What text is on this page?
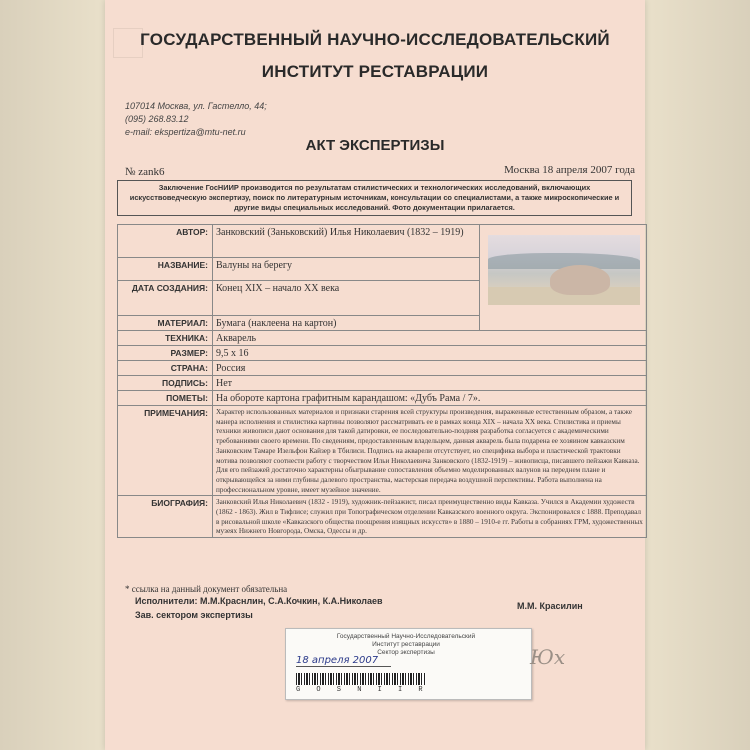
ГОСУДАРСТВЕННЫЙ НАУЧНО-ИССЛЕДОВАТЕЛЬСКИЙ
ИНСТИТУТ РЕСТАВРАЦИИ
107014 Москва, ул. Гастелло, 44;
(095) 268.83.12
e-mail: ekspertiza@mtu-net.ru
АКТ ЭКСПЕРТИЗЫ
№ zank6	Москва 18 апреля 2007 года
Заключение ГосНИИР производится по результатам стилистических и технологических исследований, включающих искусствоведческую экспертизу, поиск по литературным источникам, консультации со специалистами, а также микроскопические и другие виды специальных исследований. Фото документации прилагается.
АВТОР:	Занковский (Заньковский) Илья Николаевич (1832 – 1919)	

НАЗВАНИЕ:	Валуны на берегу	
ДАТА СОЗДАНИЯ:	Конец XIX – начало XX века	
МАТЕРИАЛ:	Бумага (наклеена на картон)	
ТЕХНИКА:	Акварель	
РАЗМЕР:	9,5 х 16	
СТРАНА:	Россия	
ПОДПИСЬ:	Нет	
ПОМЕТЫ:	На обороте картона графитным карандашом: «Дубъ Рама / 7».	
ПРИМЕЧАНИЯ:	Характер использованных материалов и признаки старения всей структуры произведения, выраженные естественным образом, а также манера исполнения и стилистика картины позволяют рассматривать ее в рамках конца XIX – начала XX века. Стилистика и приемы техники живописи дают основания для такой датировки, ее последовательно-поздняя разработка согласуется с академическими требованиями своего времени. По сведениям, предоставленным владельцем, данная акварель была подарена ее хозяином кавказским Занковским Тамаре Изельфон Кайзер в Тбилиси. Подпись на акварели отсутствует, но специфика выбора и пластической трактовки мотива позволяют соотнести работу с творчеством Ильи Николаевича Занковского (1832-1919) – живописца, писавшего пейзажи Кавказа. Для его пейзажей достаточно характерны обыгрывание сопоставления объемно моделированных валунов на переднем плане и открывающейся за ними глубины далевого пространства, мастерская передача воздушной перспективы. Работа выполнена на профессиональном уровне, имеет музейное значение.	
БИОГРАФИЯ:	Занковский Илья Николаевич (1832 - 1919), художник-пейзажист, писал преимущественно виды Кавказа. Учился в Академии художеств (1862 - 1863). Жил в Тифлисе; служил при Топографическом отделении Кавказского военного округа. Экспонировался с 1888. Преподавал в рисовальной школе «Кавказского общества поощрения изящных искусств» в 1880 – 1910-е гг. Работы в собраниях ГРМ, художественных музеях Нижнего Новгорода, Омска, Одессы и др.	
* ссылка на данный документ обязательна
Исполнители: М.М.Краснлин, С.А.Кочкин, К.А.Николаев
Зав. сектором экспертизы
М.М. Красилин
Государственный Научно-Исследовательский
Институт реставрации
Сектор экспертизы
18 апреля 2007
G O S N I I R
Юх
